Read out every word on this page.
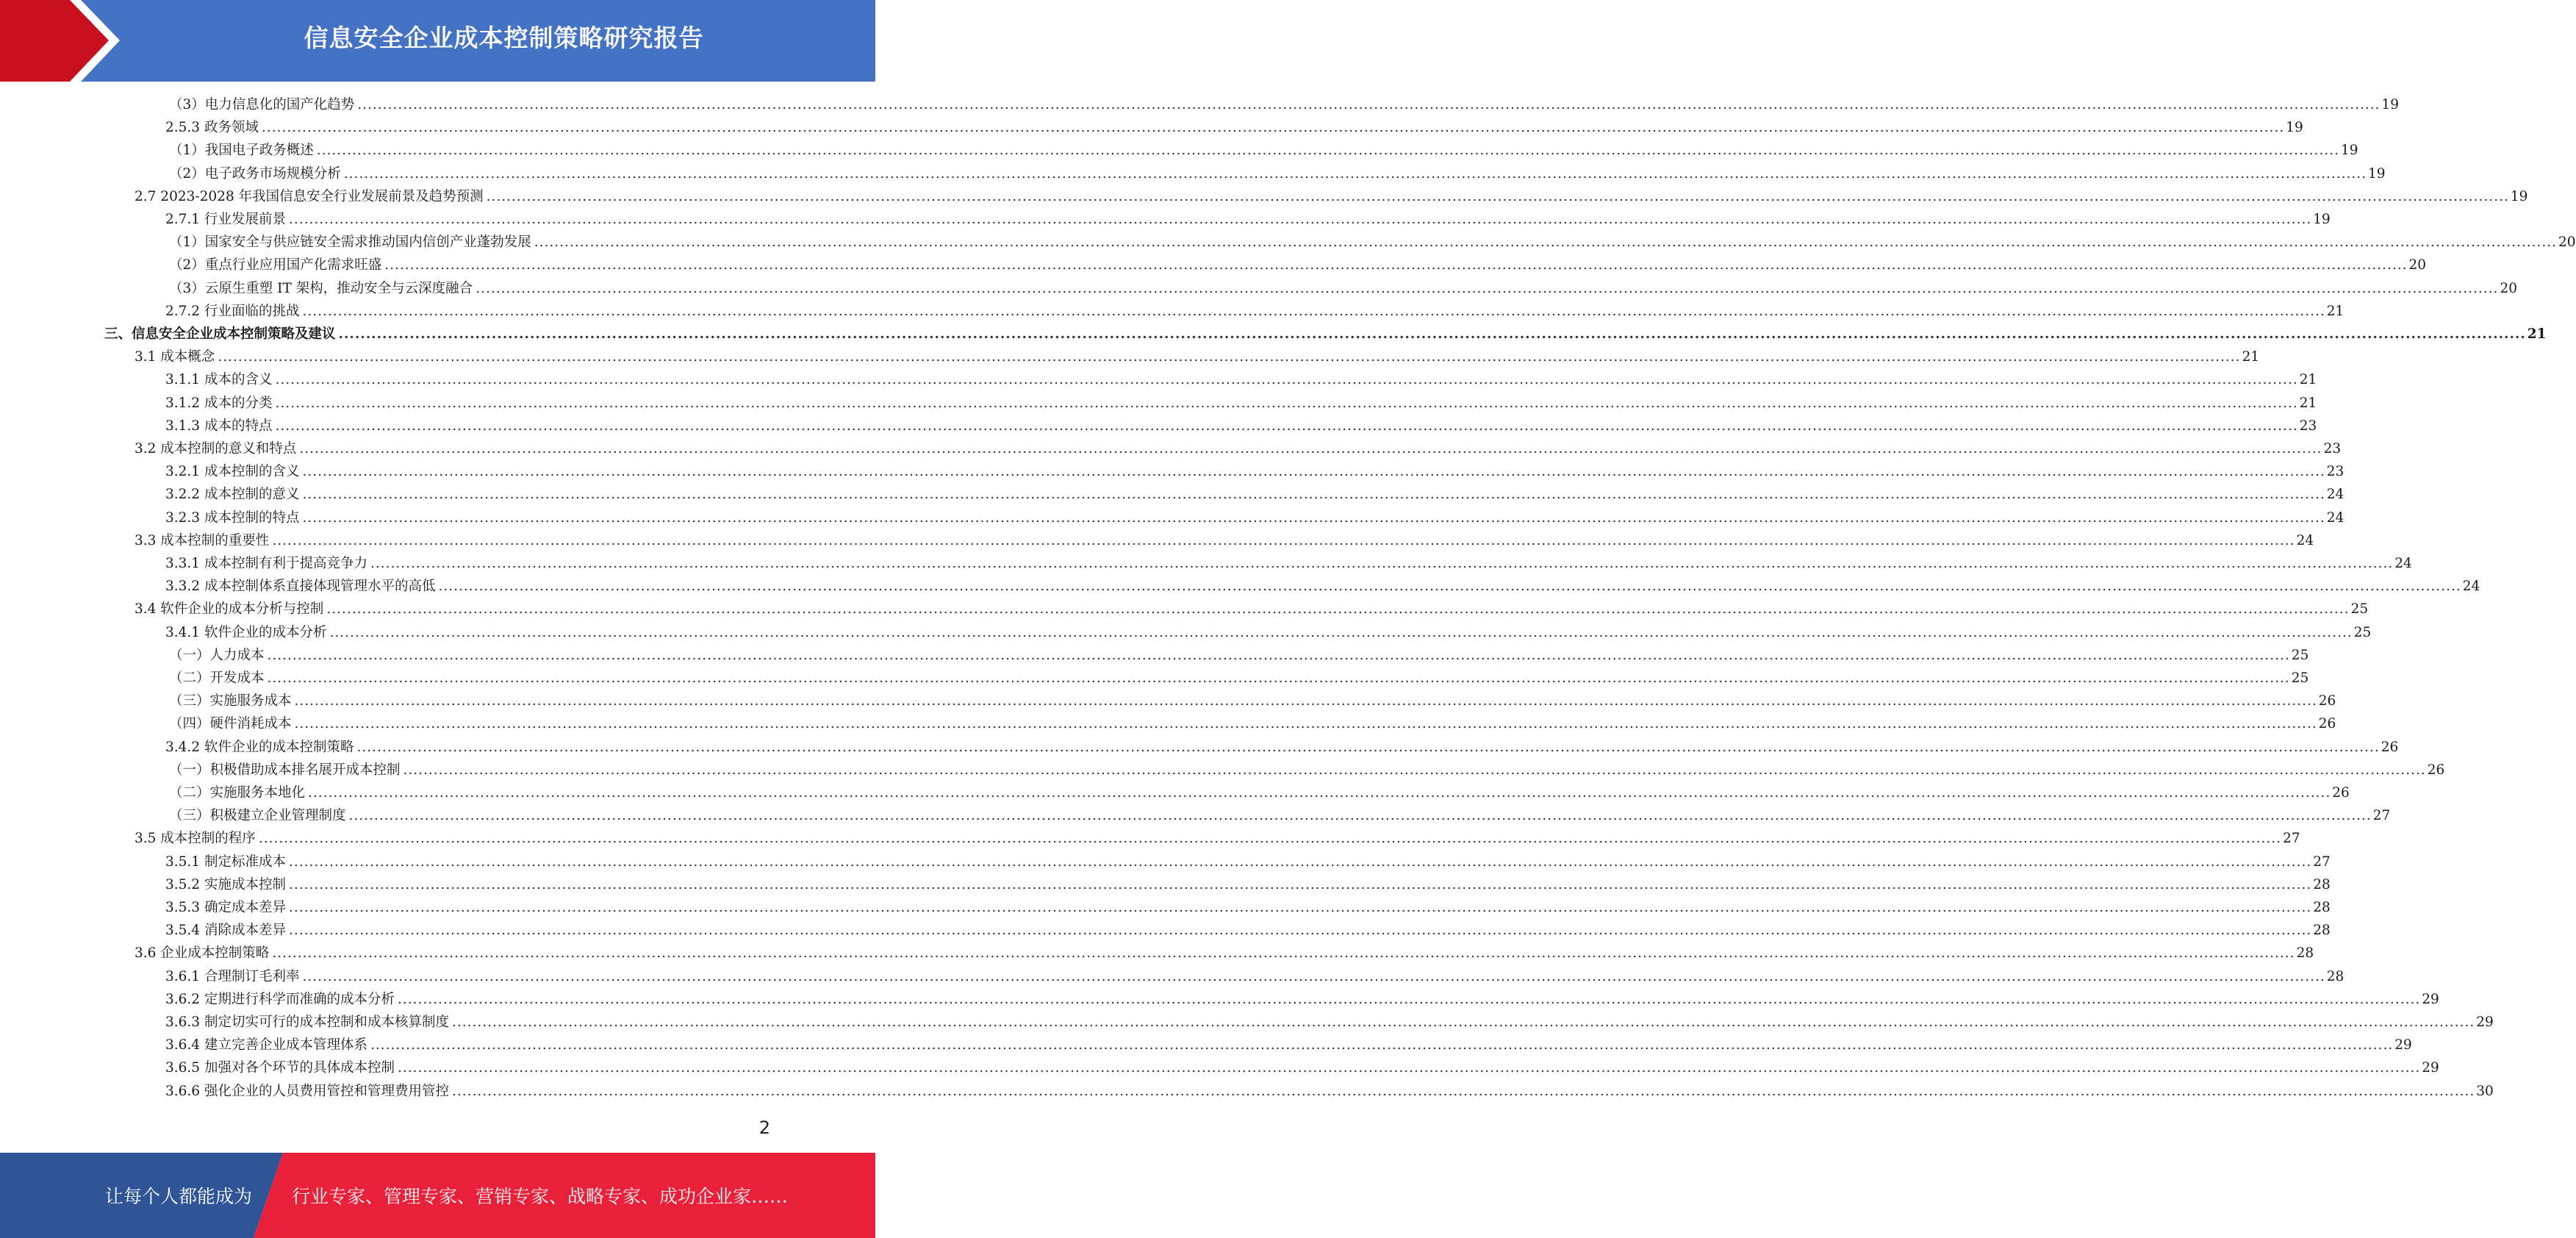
信息安全企业成本控制策略研究报告
（3）电力信息化的国产化趋势 ................................................................................................................................................................................................................................................................................................................................................................................................................ 19
2.5.3 政务领域 ................................................................................................................................................................................................................................................................................................................................................................................................................ 19
（1）我国电子政务概述 ................................................................................................................................................................................................................................................................................................................................................................................................................ 19
（2）电子政务市场规模分析 ................................................................................................................................................................................................................................................................................................................................................................................................................ 19
2.7 2023-2028 年我国信息安全行业发展前景及趋势预测 ................................................................................................................................................................................................................................................................................................................................................................................................................ 19
2.7.1 行业发展前景 ................................................................................................................................................................................................................................................................................................................................................................................................................ 19
（1）国家安全与供应链安全需求推动国内信创产业蓬勃发展 ................................................................................................................................................................................................................................................................................................................................................................................................................ 20
（2）重点行业应用国产化需求旺盛 ................................................................................................................................................................................................................................................................................................................................................................................................................ 20
（3）云原生重塑 IT 架构，推动安全与云深度融合 ................................................................................................................................................................................................................................................................................................................................................................................................................ 20
2.7.2 行业面临的挑战 ................................................................................................................................................................................................................................................................................................................................................................................................................ 21
三、信息安全企业成本控制策略及建议 ................................................................................................................................................................................................................................................................................................................................................................................................................ 21
3.1 成本概念 ................................................................................................................................................................................................................................................................................................................................................................................................................ 21
3.1.1 成本的含义 ................................................................................................................................................................................................................................................................................................................................................................................................................ 21
3.1.2 成本的分类 ................................................................................................................................................................................................................................................................................................................................................................................................................ 21
3.1.3 成本的特点 ................................................................................................................................................................................................................................................................................................................................................................................................................ 23
3.2 成本控制的意义和特点 ................................................................................................................................................................................................................................................................................................................................................................................................................ 23
3.2.1 成本控制的含义 ................................................................................................................................................................................................................................................................................................................................................................................................................ 23
3.2.2 成本控制的意义 ................................................................................................................................................................................................................................................................................................................................................................................................................ 24
3.2.3 成本控制的特点 ................................................................................................................................................................................................................................................................................................................................................................................................................ 24
3.3 成本控制的重要性 ................................................................................................................................................................................................................................................................................................................................................................................................................ 24
3.3.1 成本控制有利于提高竞争力 ................................................................................................................................................................................................................................................................................................................................................................................................................ 24
3.3.2 成本控制体系直接体现管理水平的高低 ................................................................................................................................................................................................................................................................................................................................................................................................................ 24
3.4 软件企业的成本分析与控制 ................................................................................................................................................................................................................................................................................................................................................................................................................ 25
3.4.1 软件企业的成本分析 ................................................................................................................................................................................................................................................................................................................................................................................................................ 25
（一）人力成本 ................................................................................................................................................................................................................................................................................................................................................................................................................ 25
（二）开发成本 ................................................................................................................................................................................................................................................................................................................................................................................................................ 25
（三）实施服务成本 ................................................................................................................................................................................................................................................................................................................................................................................................................ 26
（四）硬件消耗成本 ................................................................................................................................................................................................................................................................................................................................................................................................................ 26
3.4.2 软件企业的成本控制策略 ................................................................................................................................................................................................................................................................................................................................................................................................................ 26
（一）积极借助成本排名展开成本控制 ................................................................................................................................................................................................................................................................................................................................................................................................................ 26
（二）实施服务本地化 ................................................................................................................................................................................................................................................................................................................................................................................................................ 26
（三）积极建立企业管理制度 ................................................................................................................................................................................................................................................................................................................................................................................................................ 27
3.5 成本控制的程序 ................................................................................................................................................................................................................................................................................................................................................................................................................ 27
3.5.1 制定标准成本 ................................................................................................................................................................................................................................................................................................................................................................................................................ 27
3.5.2 实施成本控制 ................................................................................................................................................................................................................................................................................................................................................................................................................ 28
3.5.3 确定成本差异 ................................................................................................................................................................................................................................................................................................................................................................................................................ 28
3.5.4 消除成本差异 ................................................................................................................................................................................................................................................................................................................................................................................................................ 28
3.6 企业成本控制策略 ................................................................................................................................................................................................................................................................................................................................................................................................................ 28
3.6.1 合理制订毛利率 ................................................................................................................................................................................................................................................................................................................................................................................................................ 28
3.6.2 定期进行科学而准确的成本分析 ................................................................................................................................................................................................................................................................................................................................................................................................................ 29
3.6.3 制定切实可行的成本控制和成本核算制度 ................................................................................................................................................................................................................................................................................................................................................................................................................ 29
3.6.4 建立完善企业成本管理体系 ................................................................................................................................................................................................................................................................................................................................................................................................................ 29
3.6.5 加强对各个环节的具体成本控制 ................................................................................................................................................................................................................................................................................................................................................................................................................ 29
3.6.6 强化企业的人员费用管控和管理费用管控 ................................................................................................................................................................................................................................................................................................................................................................................................................ 30
2
让每个人都能成为 行业专家、管理专家、营销专家、战略专家、成功企业家……
